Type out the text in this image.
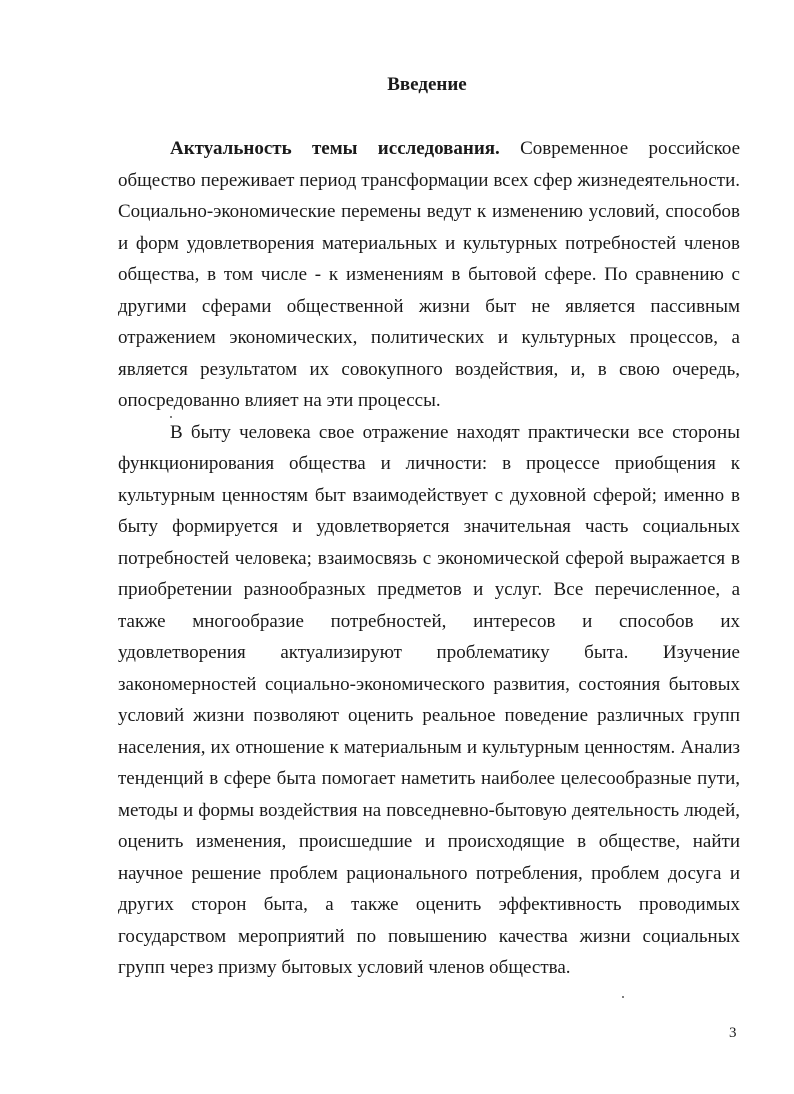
Введение

Актуальность темы исследования. Современное российское общество переживает период трансформации всех сфер жизнедеятельности. Социально-экономические перемены ведут к изменению условий, способов и форм удовлетворения материальных и культурных потребностей членов общества, в том числе - к изменениям в бытовой сфере. По сравнению с другими сферами общественной жизни быт не является пассивным отражением экономических, политических и культурных процессов, а является результатом их совокупного воздействия, и, в свою очередь, опосредованно влияет на эти процессы.

В быту человека свое отражение находят практически все стороны функционирования общества и личности: в процессе приобщения к культурным ценностям быт взаимодействует с духовной сферой; именно в быту формируется и удовлетворяется значительная часть социальных потребностей человека; взаимосвязь с экономической сферой выражается в приобретении разнообразных предметов и услуг. Все перечисленное, а также многообразие потребностей, интересов и способов их удовлетворения актуализируют проблематику быта. Изучение закономерностей социально-экономического развития, состояния бытовых условий жизни позволяют оценить реальное поведение различных групп населения, их отношение к материальным и культурным ценностям. Анализ тенденций в сфере быта помогает наметить наиболее целесообразные пути, методы и формы воздействия на повседневно-бытовую деятельность людей, оценить изменения, происшедшие и происходящие в обществе, найти научное решение проблем рационального потребления, проблем досуга и других сторон быта, а также оценить эффективность проводимых государством мероприятий по повышению качества жизни социальных групп через призму бытовых условий членов общества.

3
